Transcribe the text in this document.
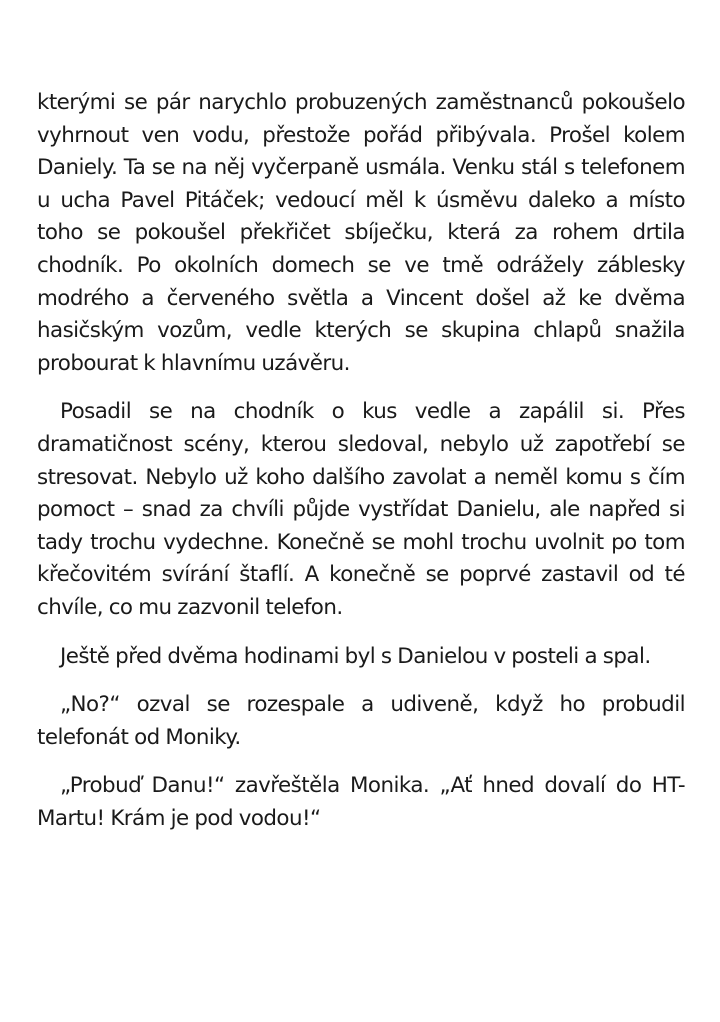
kterými se pár narychlo probuzených zaměstnanců pokoušelo vyhrnout ven vodu, přestože pořád přibývala. Prošel kolem Daniely. Ta se na něj vyčerpaně usmála. Venku stál s telefonem u ucha Pavel Pitáček; vedoucí měl k úsměvu daleko a místo toho se pokoušel překřičet sbíječku, která za rohem drtila chodník. Po okolních domech se ve tmě odrážely záblesky modrého a červeného světla a Vincent došel až ke dvěma hasičským vozům, vedle kterých se skupina chlapů snažila probourat k hlavnímu uzávěru.

Posadil se na chodník o kus vedle a zapálil si. Přes dramatičnost scény, kterou sledoval, nebylo už zapotřebí se stresovat. Nebylo už koho dalšího zavolat a neměl komu s čím pomoct – snad za chvíli půjde vystřídat Danielu, ale napřed si tady trochu vydechne. Konečně se mohl trochu uvolnit po tom křečovitém svírání štaflí. A konečně se poprvé zastavil od té chvíle, co mu zazvonil telefon.

Ještě před dvěma hodinami byl s Danielou v posteli a spal.

„No?“ ozval se rozespale a udiveně, když ho probudil telefonát od Moniky.

„Probuď Danu!“ zavřeštěla Monika. „Ať hned dovalí do HT-Martu! Krám je pod vodou!“
